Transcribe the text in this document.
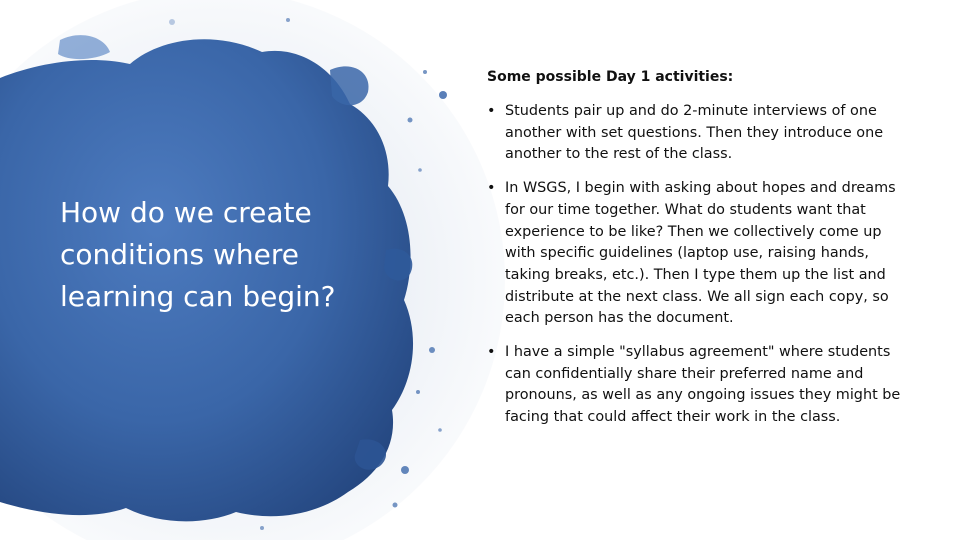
How do we create conditions where learning can begin?

Some possible Day 1 activities:

• Students pair up and do 2-minute interviews of one another with set questions. Then they introduce one another to the rest of the class.
• In WSGS, I begin with asking about hopes and dreams for our time together. What do students want that experience to be like? Then we collectively come up with specific guidelines (laptop use, raising hands, taking breaks, etc.). Then I type them up the list and distribute at the next class. We all sign each copy, so each person has the document.
• I have a simple "syllabus agreement" where students can confidentially share their preferred name and pronouns, as well as any ongoing issues they might be facing that could affect their work in the class.
